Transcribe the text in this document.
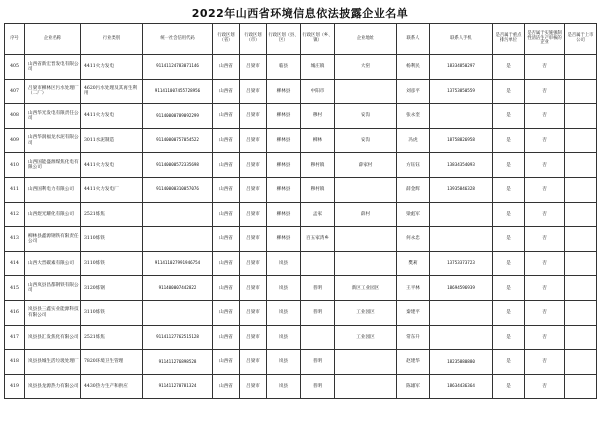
2022年山西省环境信息依法披露企业名单
序号	企业名称	行业类别	统一社会信用代码	行政区划（省）	行政区划（市）	行政区划（县、区）	行政区划（乡、镇）	企业地址	联系人	联系人手机	是否属于重点排污单位	是否属于实施强制性清洁生产审核的企业	是否属于上市公司
405	山西省新宏晋发电有限公司	4411火力发电	91141124783071146	山西省	吕梁市	临县	城庄镇	大窑	杨利民	18334850297	是	否	
407	吕梁市柳林区污水处理厂（二厂）	4620污水处理及其再生利用	911411007455728956	山西省	吕梁市	柳林县	中阳市		刘彦平	13753850559	是	否	
408	山西华光发电有限责任公司	4411火力发电	91140000789092299	山西省	吕梁市	柳林县	穆村	安沟	张永奎		是	否	
409	山西华润福龙水泥有限公司	3011水泥制造	91140000757054522	山西省	吕梁市	柳林县	柳林	安沟	冯虎	18758826958	是	否	
410	山西国能盛源煤焦化电有限公司	4411火力发电	91140000572335698	山西省	吕梁市	柳林县	穆村镇	薛家村	方钰钰	13834354093	是	否	
411	山西国利电力有限公司	4411火力发电厂	91140000310057076	山西省	吕梁市	柳林县	穆村镇		薛金辉	13935846328	是	否	
412	山西煜光耀化有限公司	2521炼焦		山西省	吕梁市	柳林县	孟家	薛村	梁彪军		是	否	
413	柳林县鑫源钢铁有限责任公司	3110炼铁		山西省	吕梁市	柳林县	百五家湾乡		何永忠		是	否	
414	山西大晋碳素有限公司	3110炼铁	911411027991946754	山西省	吕梁市	岚县			樊莉	13753373723	是	否	
415	山西岚县昌都钢铁有限公司	3120炼钢	911400007442822	山西省	吕梁市	岚县	普明	新区工业园区	王平林	18694596939	是	否	
416	岚县县三鑫实业能源科技有限公司	3110炼铁		山西省	吕梁市	岚县	普明	工业园区	秦建平		是	否	
417	岚县县汇发焦化有限公司	2521炼焦	91141127762515128	山西省	吕梁市	岚县		工业园区	常东升		是	否	
418	岚县县城生活垃圾处理厂	7820环境卫生管理	911411276898528	山西省	吕梁市	岚县	普明		赵建华	18235880880	是	否	
419	岚县县龙源热力有限公司	4430热力生产和供应	911411270781324	山西省	吕梁市	岚县	普明		陈雄军	18634436364	是	否	
